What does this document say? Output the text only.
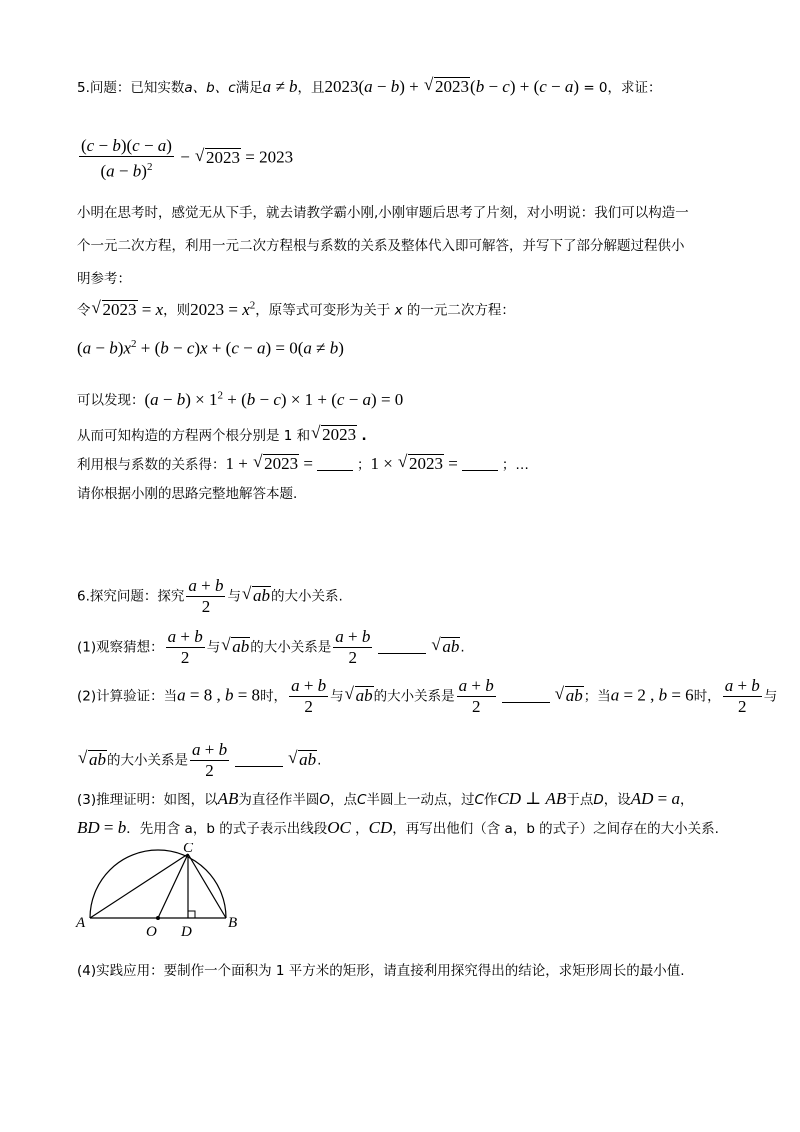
5.问题：已知实数a、b、c满足a ≠ b，且2023(a − b) + √ 2023(b − c) + (c − a) = 0，求证：
$\frac{(c - b)(c - a)}{(a - b)^2}$ − √ 2023 = 2023
小明在思考时，感觉无从下手，就去请教学霸小刚,小刚审题后思考了片刻，对小明说：我们可以构造一
个一元二次方程，利用一元二次方程根与系数的关系及整体代入即可解答，并写下了部分解题过程供小
明参考：
令 √ 2023 = x，则$2023 = x^2$，原等式可变形为关于 x 的一元二次方程：
$(a - b)x^2 + (b - c)x + (c - a) = 0(a \ne b)$
可以发现：$(a - b) \times 1^2 + (b - c) \times 1 + (c - a) = 0$
从而可知构造的方程两个根分别是 1 和 √ 2023 .
利用根与系数的关系得：1 + √ 2023 =	；1 × √ 2023 =	；…
请你根据小刚的思路完整地解答本题.
6.探究问题：探究 $\frac{a + b}{2}$ 与 √ ab的大小关系.
(1)观察猜想： $\frac{a + b}{2}$ 与 √ ab的大小关系是 $\frac{a + b}{2}$	√ ab.
(2)计算验证：当a = 8 , b = 8时， $\frac{a + b}{2}$ 与 √ ab的大小关系是 $\frac{a + b}{2}$	√ ab；当a = 2 , b = 6时， $\frac{a + b}{2}$ 与
√ ab的大小关系是 $\frac{a + b}{2}$	√ ab.
(3)推理证明：如图，以AB为直径作半圆O，点C半圆上一动点，过C作CD ⊥ AB于点D，设AD = a，
BD = b．先用含 a，b 的式子表示出线段OC ，CD，再写出他们（含 a，b 的式子）之间存在的大小关系.
A	B
C
O D
(4)实践应用：要制作一个面积为 1 平方米的矩形，请直接利用探究得出的结论，求矩形周长的最小值.
